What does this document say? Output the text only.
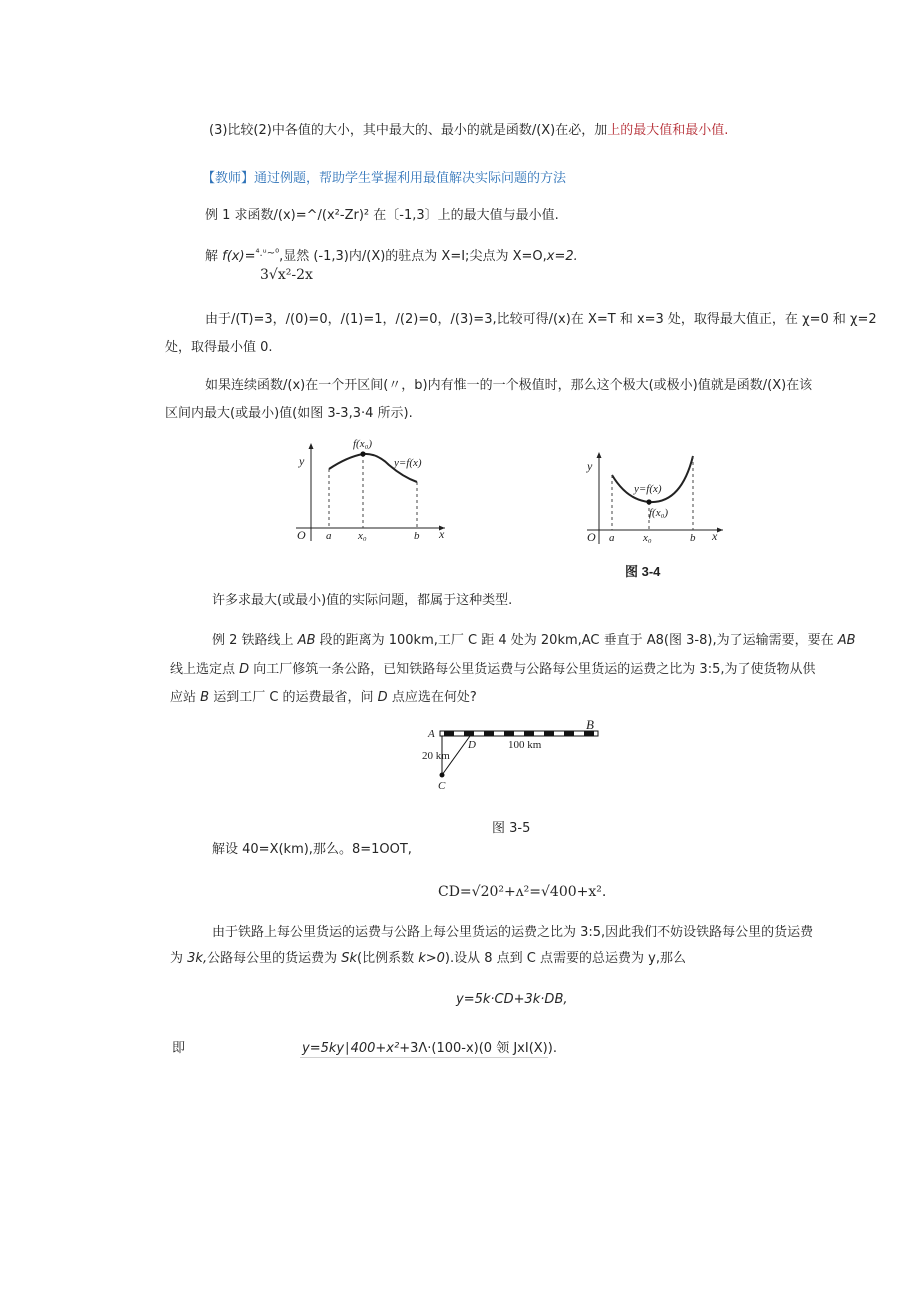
(3)比较(2)中各值的大小，其中最大的、最小的就是函数/(X)在必，加上的最大值和最小值.
【教师】通过例题，帮助学生掌握利用最值解决实际问题的方法
例 1 求函数/(x)=^/(x²-Zr)² 在〔-1,3〕上的最大值与最小值.
解 f(x)=$^{^4.ᵘ\sim^0}$,显然 (-1,3)内/(X)的驻点为 X=I;尖点为 X=O,x=2.
3√x²-2x
由于/(T)=3，/(0)=0，/(1)=1，/(2)=0，/(3)=3,比较可得/(x)在 X=T 和 x=3 处，取得最大值正，在 χ=0 和 χ=2
处，取得最小值 0.
如果连续函数/(x)在一个开区间(〃，b)内有惟一的一个极值时，那么这个极大(或极小)值就是函数/(X)在该
区间内最大(或最小)值(如图 3-3,3·4 所示).
y
x
O a x₀	b
f(x₀)
y=f(x)	y
x
O a	x₀	b
f(x₀)
y=f(x)
图 3-4
许多求最大(或最小)值的实际问题，都属于这种类型.
例 2 铁路线上 AB 段的距离为 100km,工厂 C 距 4 处为 20km,AC 垂直于 A8(图 3-8),为了运输需要，要在 AB
线上选定点 D 向工厂修筑一条公路，已知铁路每公里货运费与公路每公里货运的运费之比为 3:5,为了使货物从供
应站 B 运到工厂 C 的运费最省，问 D 点应选在何处?
A
B
C
D
20 km
100 km
图 3-5
解设 40=X(km),那么。8=1OOT,
CD=√20²+ʌ²=√400+x².
由于铁路上每公里货运的运费与公路上每公里货运的运费之比为 3:5,因此我们不妨设铁路每公里的货运费
为 3k,公路每公里的货运费为 Sk(比例系数 k>0).设从 8 点到 C 点需要的总运费为 y,那么
y=5k·CD+3k·DB,
即	y=5ky∣400+x²+3Λ·(100-x)(0 领 JxI(X)).
